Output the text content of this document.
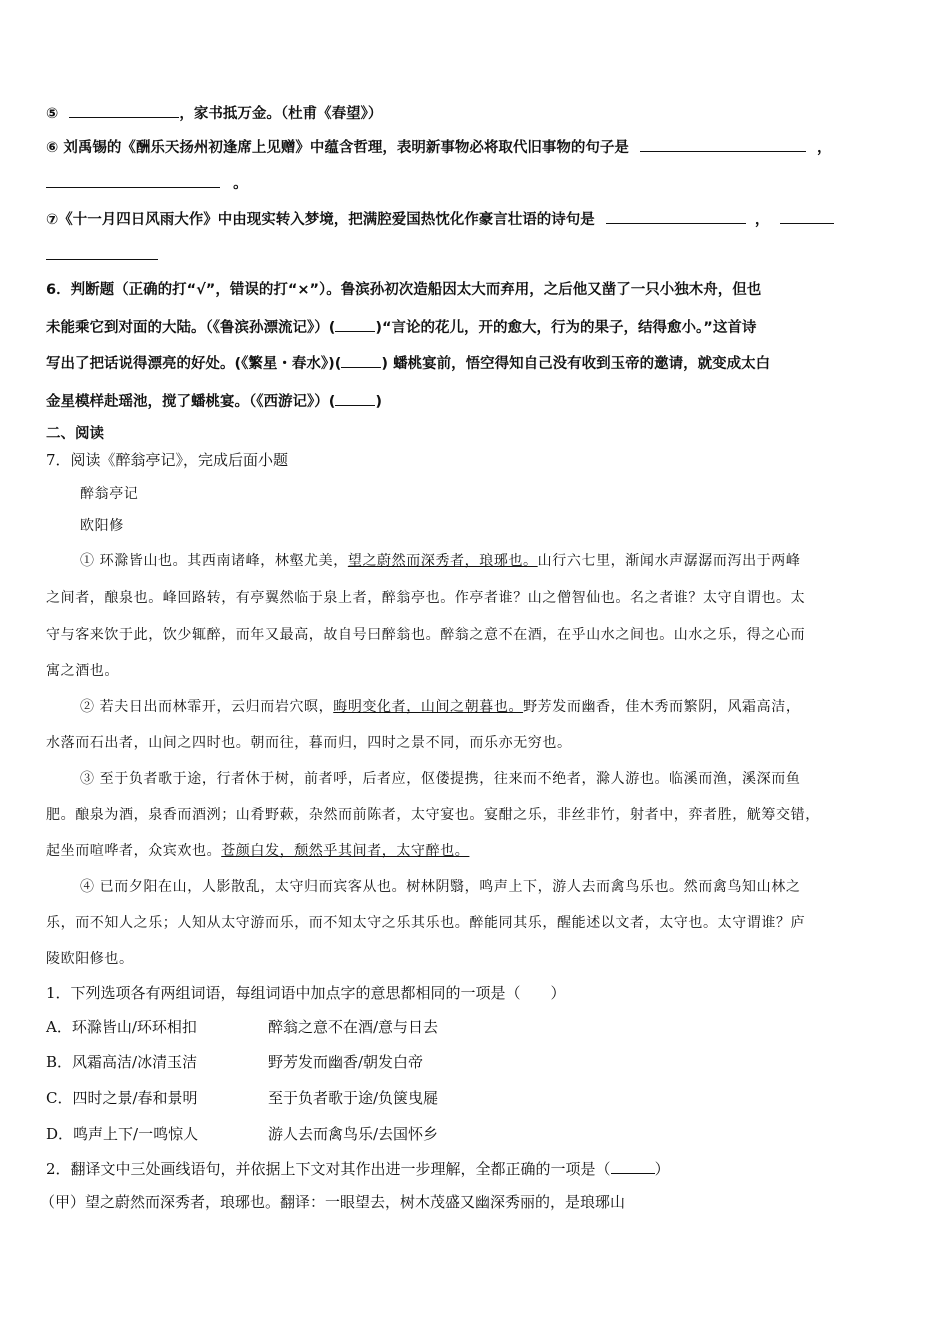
⑤	，家书抵万金。（杜甫《春望》）
⑥ 刘禹锡的《酬乐天扬州初逢席上见赠》中蕴含哲理，表明新事物必将取代旧事物的句子是	，
。
⑦《十一月四日风雨大作》中由现实转入梦境，把满腔爱国热忱化作豪言壮语的诗句是	，
6．判断题（正确的打“√”，错误的打“×”）。鲁滨孙初次造船因太大而弃用，之后他又凿了一只小独木舟，但也
未能乘它到对面的大陆。（《鲁滨孙漂流记》）(	)“言论的花儿，开的愈大，行为的果子，结得愈小。”这首诗
写出了把话说得漂亮的好处。(《繁星・春水》)(	) 蟠桃宴前，悟空得知自己没有收到玉帝的邀请，就变成太白
金星模样赴瑶池，搅了蟠桃宴。（《西游记》）(	)
二、阅读
7．阅读《醉翁亭记》，完成后面小题
醉翁亭记
欧阳修
① 环滁皆山也。其西南诸峰，林壑尤美，望之蔚然而深秀者，琅琊也。山行六七里，渐闻水声潺潺而泻出于两峰
之间者，酿泉也。峰回路转，有亭翼然临于泉上者，醉翁亭也。作亭者谁？山之僧智仙也。名之者谁？太守自谓也。太
守与客来饮于此，饮少辄醉，而年又最高，故自号曰醉翁也。醉翁之意不在酒，在乎山水之间也。山水之乐，得之心而
寓之酒也。
② 若夫日出而林霏开，云归而岩穴暝，晦明变化者，山间之朝暮也。野芳发而幽香，佳木秀而繁阴，风霜高洁，
水落而石出者，山间之四时也。朝而往，暮而归，四时之景不同，而乐亦无穷也。
③ 至于负者歌于途，行者休于树，前者呼，后者应，伛偻提携，往来而不绝者，滁人游也。临溪而渔，溪深而鱼
肥。酿泉为酒，泉香而酒洌；山肴野蔌，杂然而前陈者，太守宴也。宴酣之乐，非丝非竹，射者中，弈者胜，觥筹交错，
起坐而喧哗者，众宾欢也。苍颜白发，颓然乎其间者，太守醉也。
④ 已而夕阳在山，人影散乱，太守归而宾客从也。树林阴翳，鸣声上下，游人去而禽鸟乐也。然而禽鸟知山林之
乐，而不知人之乐；人知从太守游而乐，而不知太守之乐其乐也。醉能同其乐，醒能述以文者，太守也。太守谓谁？庐
陵欧阳修也。
1．下列选项各有两组词语，每组词语中加点字的意思都相同的一项是（　　）
A．环滁皆山/环环相扣	醉翁之意不在酒/意与日去
B．风霜高洁/冰清玉洁	野芳发而幽香/朝发白帝
C．四时之景/春和景明	至于负者歌于途/负箧曳屣
D．鸣声上下/一鸣惊人	游人去而禽鸟乐/去国怀乡
2．翻译文中三处画线语句，并依据上下文对其作出进一步理解，全都正确的一项是（	）
（甲）望之蔚然而深秀者，琅琊也。翻译：一眼望去，树木茂盛又幽深秀丽的，是琅琊山
